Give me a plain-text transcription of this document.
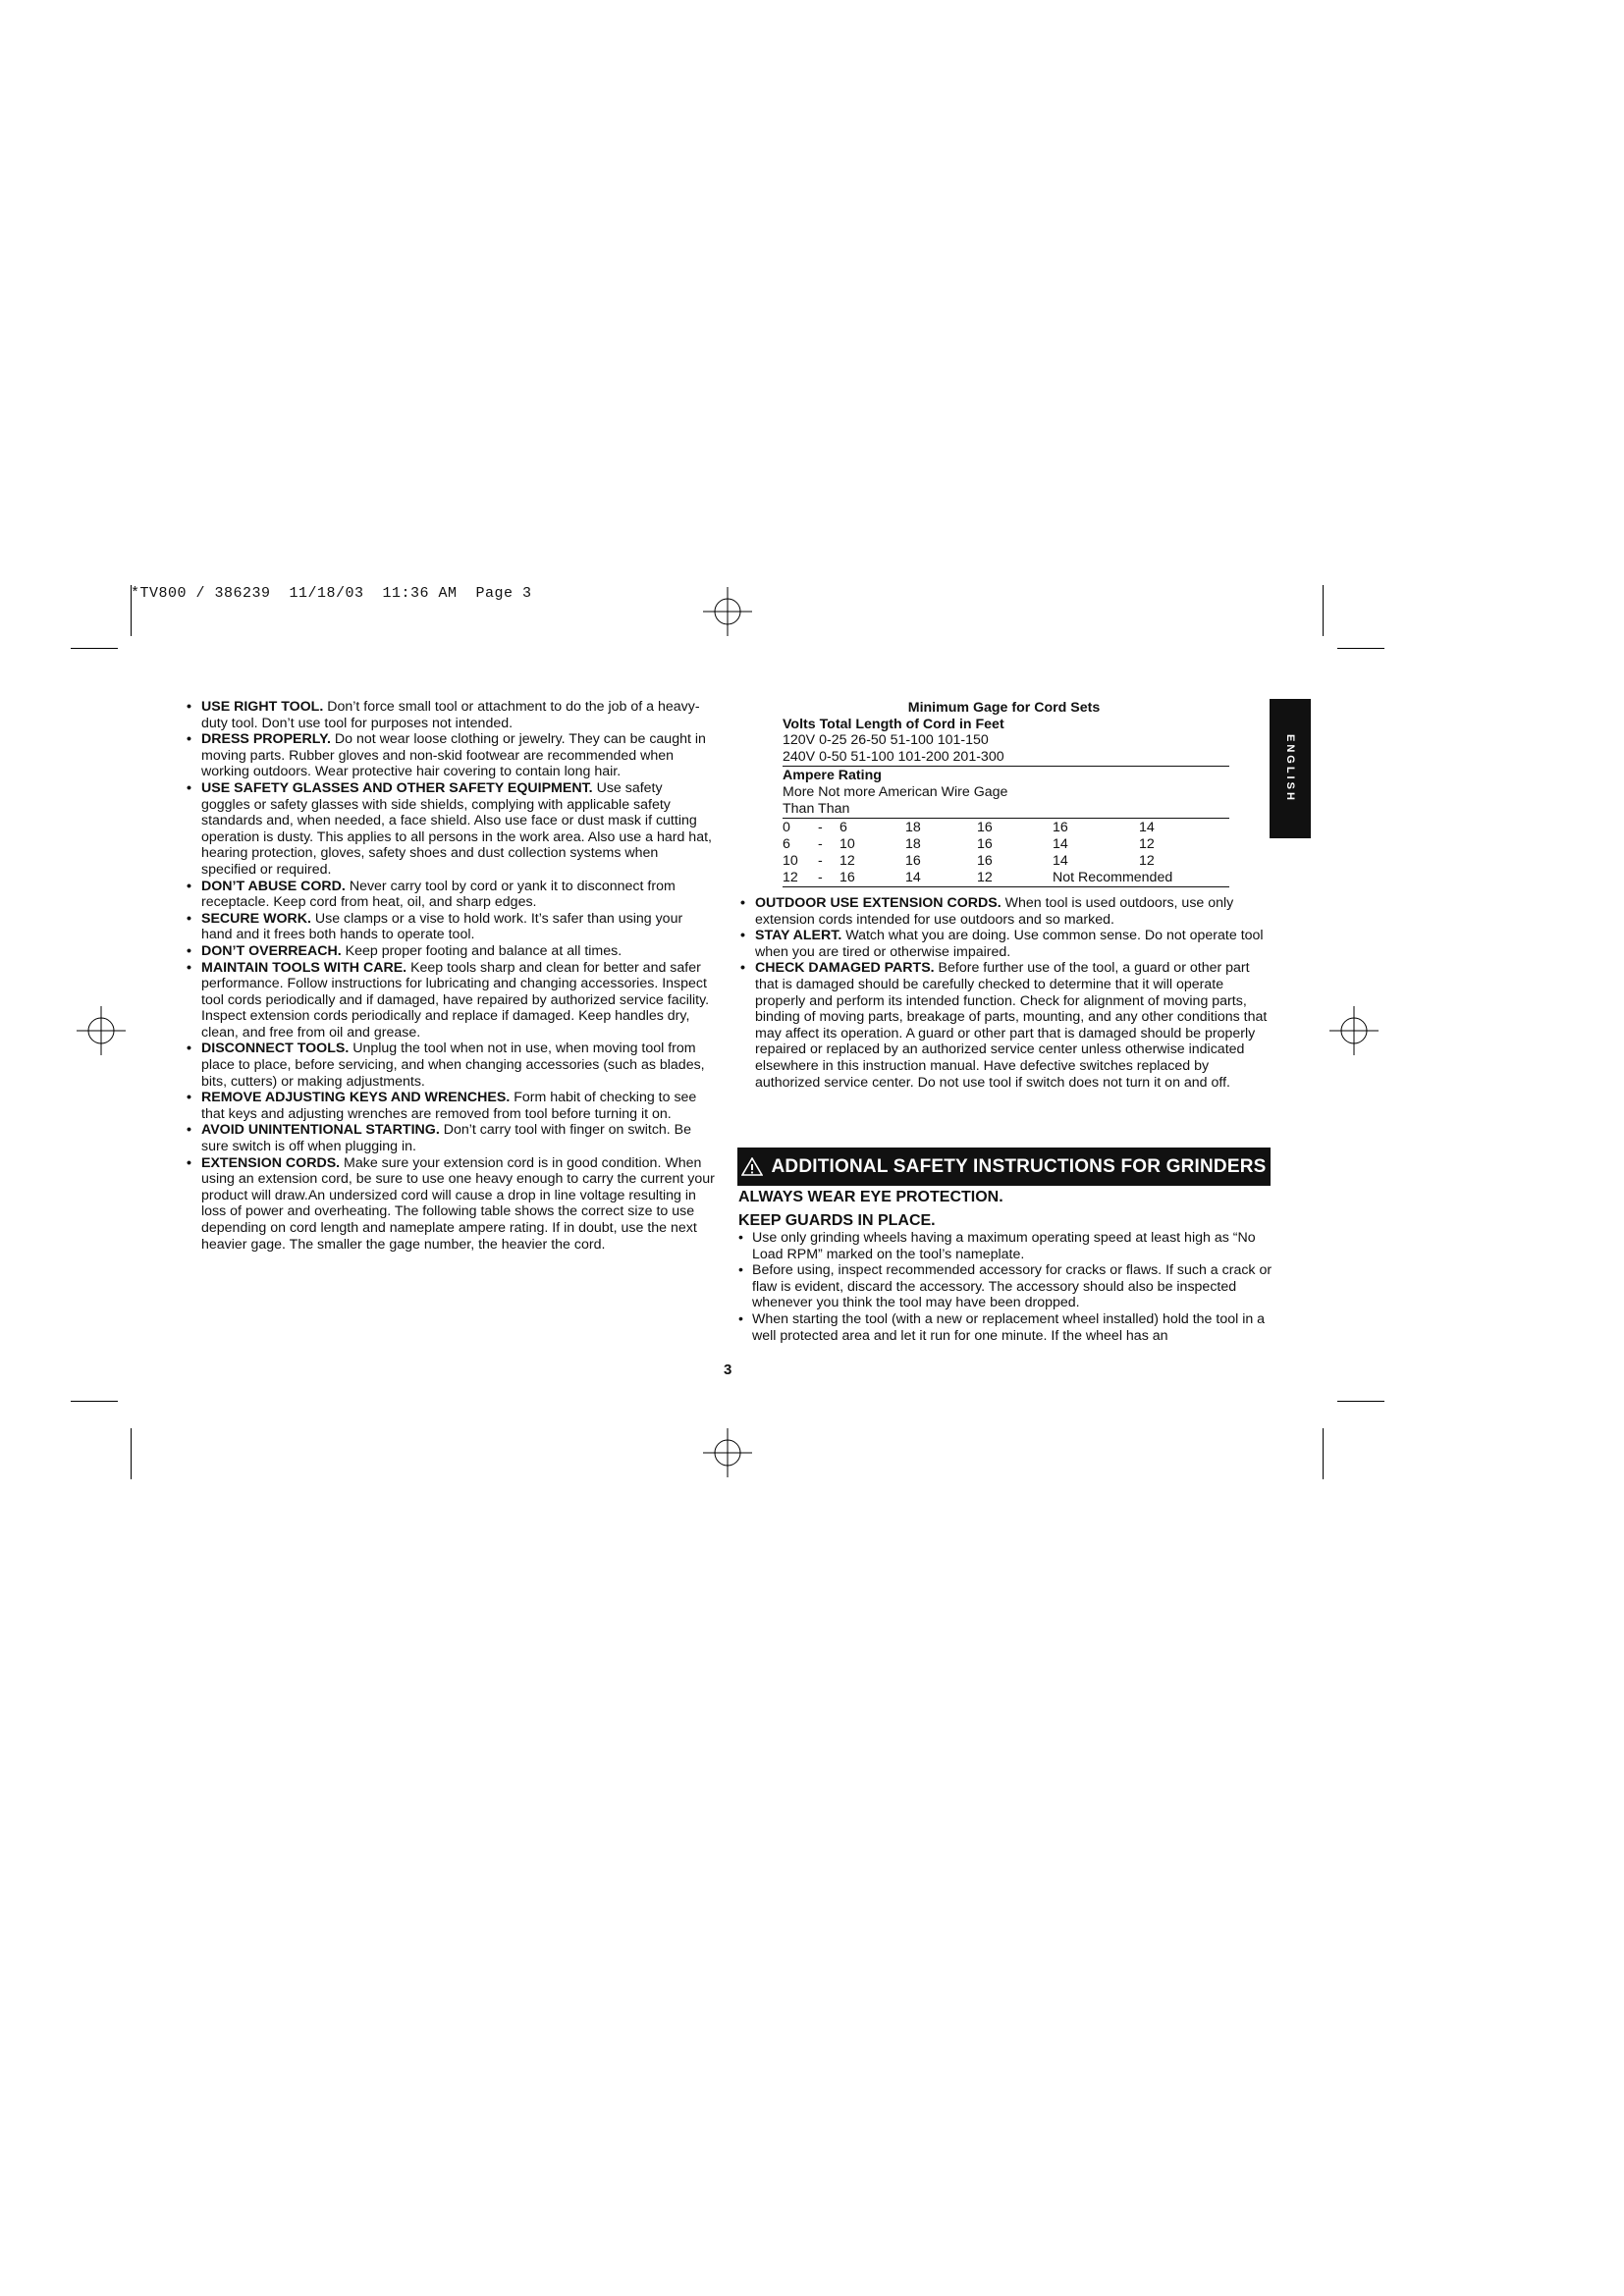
*TV800 / 386239  11/18/03  11:36 AM  Page 3
ENGLISH

• USE RIGHT TOOL. Don’t force small tool or attachment to do the job of a heavy-duty tool. Don’t use tool for purposes not intended.

• DRESS PROPERLY. Do not wear loose clothing or jewelry. They can be caught in moving parts. Rubber gloves and non-skid footwear are recommended when working outdoors. Wear protective hair covering to contain long hair.

• USE SAFETY GLASSES AND OTHER SAFETY EQUIPMENT. Use safety goggles or safety glasses with side shields, complying with applicable safety standards and, when needed, a face shield. Also use face or dust mask if cutting operation is dusty. This applies to all persons in the work area. Also use a hard hat, hearing protection, gloves, safety shoes and dust collection systems when specified or required.

• DON’T ABUSE CORD. Never carry tool by cord or yank it to disconnect from receptacle. Keep cord from heat, oil, and sharp edges.

• SECURE WORK. Use clamps or a vise to hold work. It’s safer than using your hand and it frees both hands to operate tool.

• DON’T OVERREACH. Keep proper footing and balance at all times.

• MAINTAIN TOOLS WITH CARE. Keep tools sharp and clean for better and safer performance. Follow instructions for lubricating and changing accessories. Inspect tool cords periodically and if damaged, have repaired by authorized service facility. Inspect extension cords periodically and replace if damaged. Keep handles dry, clean, and free from oil and grease.

• DISCONNECT TOOLS. Unplug the tool when not in use, when moving tool from place to place, before servicing, and when changing accessories (such as blades, bits, cutters) or making adjustments.

• REMOVE ADJUSTING KEYS AND WRENCHES. Form habit of checking to see that keys and adjusting wrenches are removed from tool before turning it on.

• AVOID UNINTENTIONAL STARTING. Don’t carry tool with finger on switch. Be sure switch is off when plugging in.

• EXTENSION CORDS. Make sure your extension cord is in good condition. When using an extension cord, be sure to use one heavy enough to carry the current your product will draw.An undersized cord will cause a drop in line voltage resulting in loss of power and overheating. The following table shows the correct size to use depending on cord length and nameplate ampere rating. If in doubt, use the next heavier gage. The smaller the gage number, the heavier the cord.

Minimum Gage for Cord Sets
Volts Total Length of Cord in Feet
120V 0-25 26-50 51-100 101-150
240V 0-50 51-100 101-200 201-300
Ampere Rating
More Not more American Wire Gage
Than Than
0 - 6	18	16	16	14
6 - 10	18	16	14	12
10 - 12	16	16	14	12
12 - 16	14	12	Not Recommended

• OUTDOOR USE EXTENSION CORDS. When tool is used outdoors, use only extension cords intended for use outdoors and so marked.

• STAY ALERT. Watch what you are doing. Use common sense. Do not operate tool when you are tired or otherwise impaired.

• CHECK DAMAGED PARTS. Before further use of the tool, a guard or other part that is damaged should be carefully checked to determine that it will operate properly and perform its intended function. Check for alignment of moving parts, binding of moving parts, breakage of parts, mounting, and any other conditions that may affect its operation. A guard or other part that is damaged should be properly repaired or replaced by an authorized service center unless otherwise indicated elsewhere in this instruction manual. Have defective switches replaced by authorized service center. Do not use tool if switch does not turn it on and off.

ADDITIONAL SAFETY INSTRUCTIONS FOR GRINDERS
ALWAYS WEAR EYE PROTECTION.
KEEP GUARDS IN PLACE.

• Use only grinding wheels having a maximum operating speed at least high as “No Load RPM” marked on the tool’s nameplate.

• Before using, inspect recommended accessory for cracks or flaws. If such a crack or flaw is evident, discard the accessory. The accessory should also be inspected whenever you think the tool may have been dropped.

• When starting the tool (with a new or replacement wheel installed) hold the tool in a well protected area and let it run for one minute. If the wheel has an

3
